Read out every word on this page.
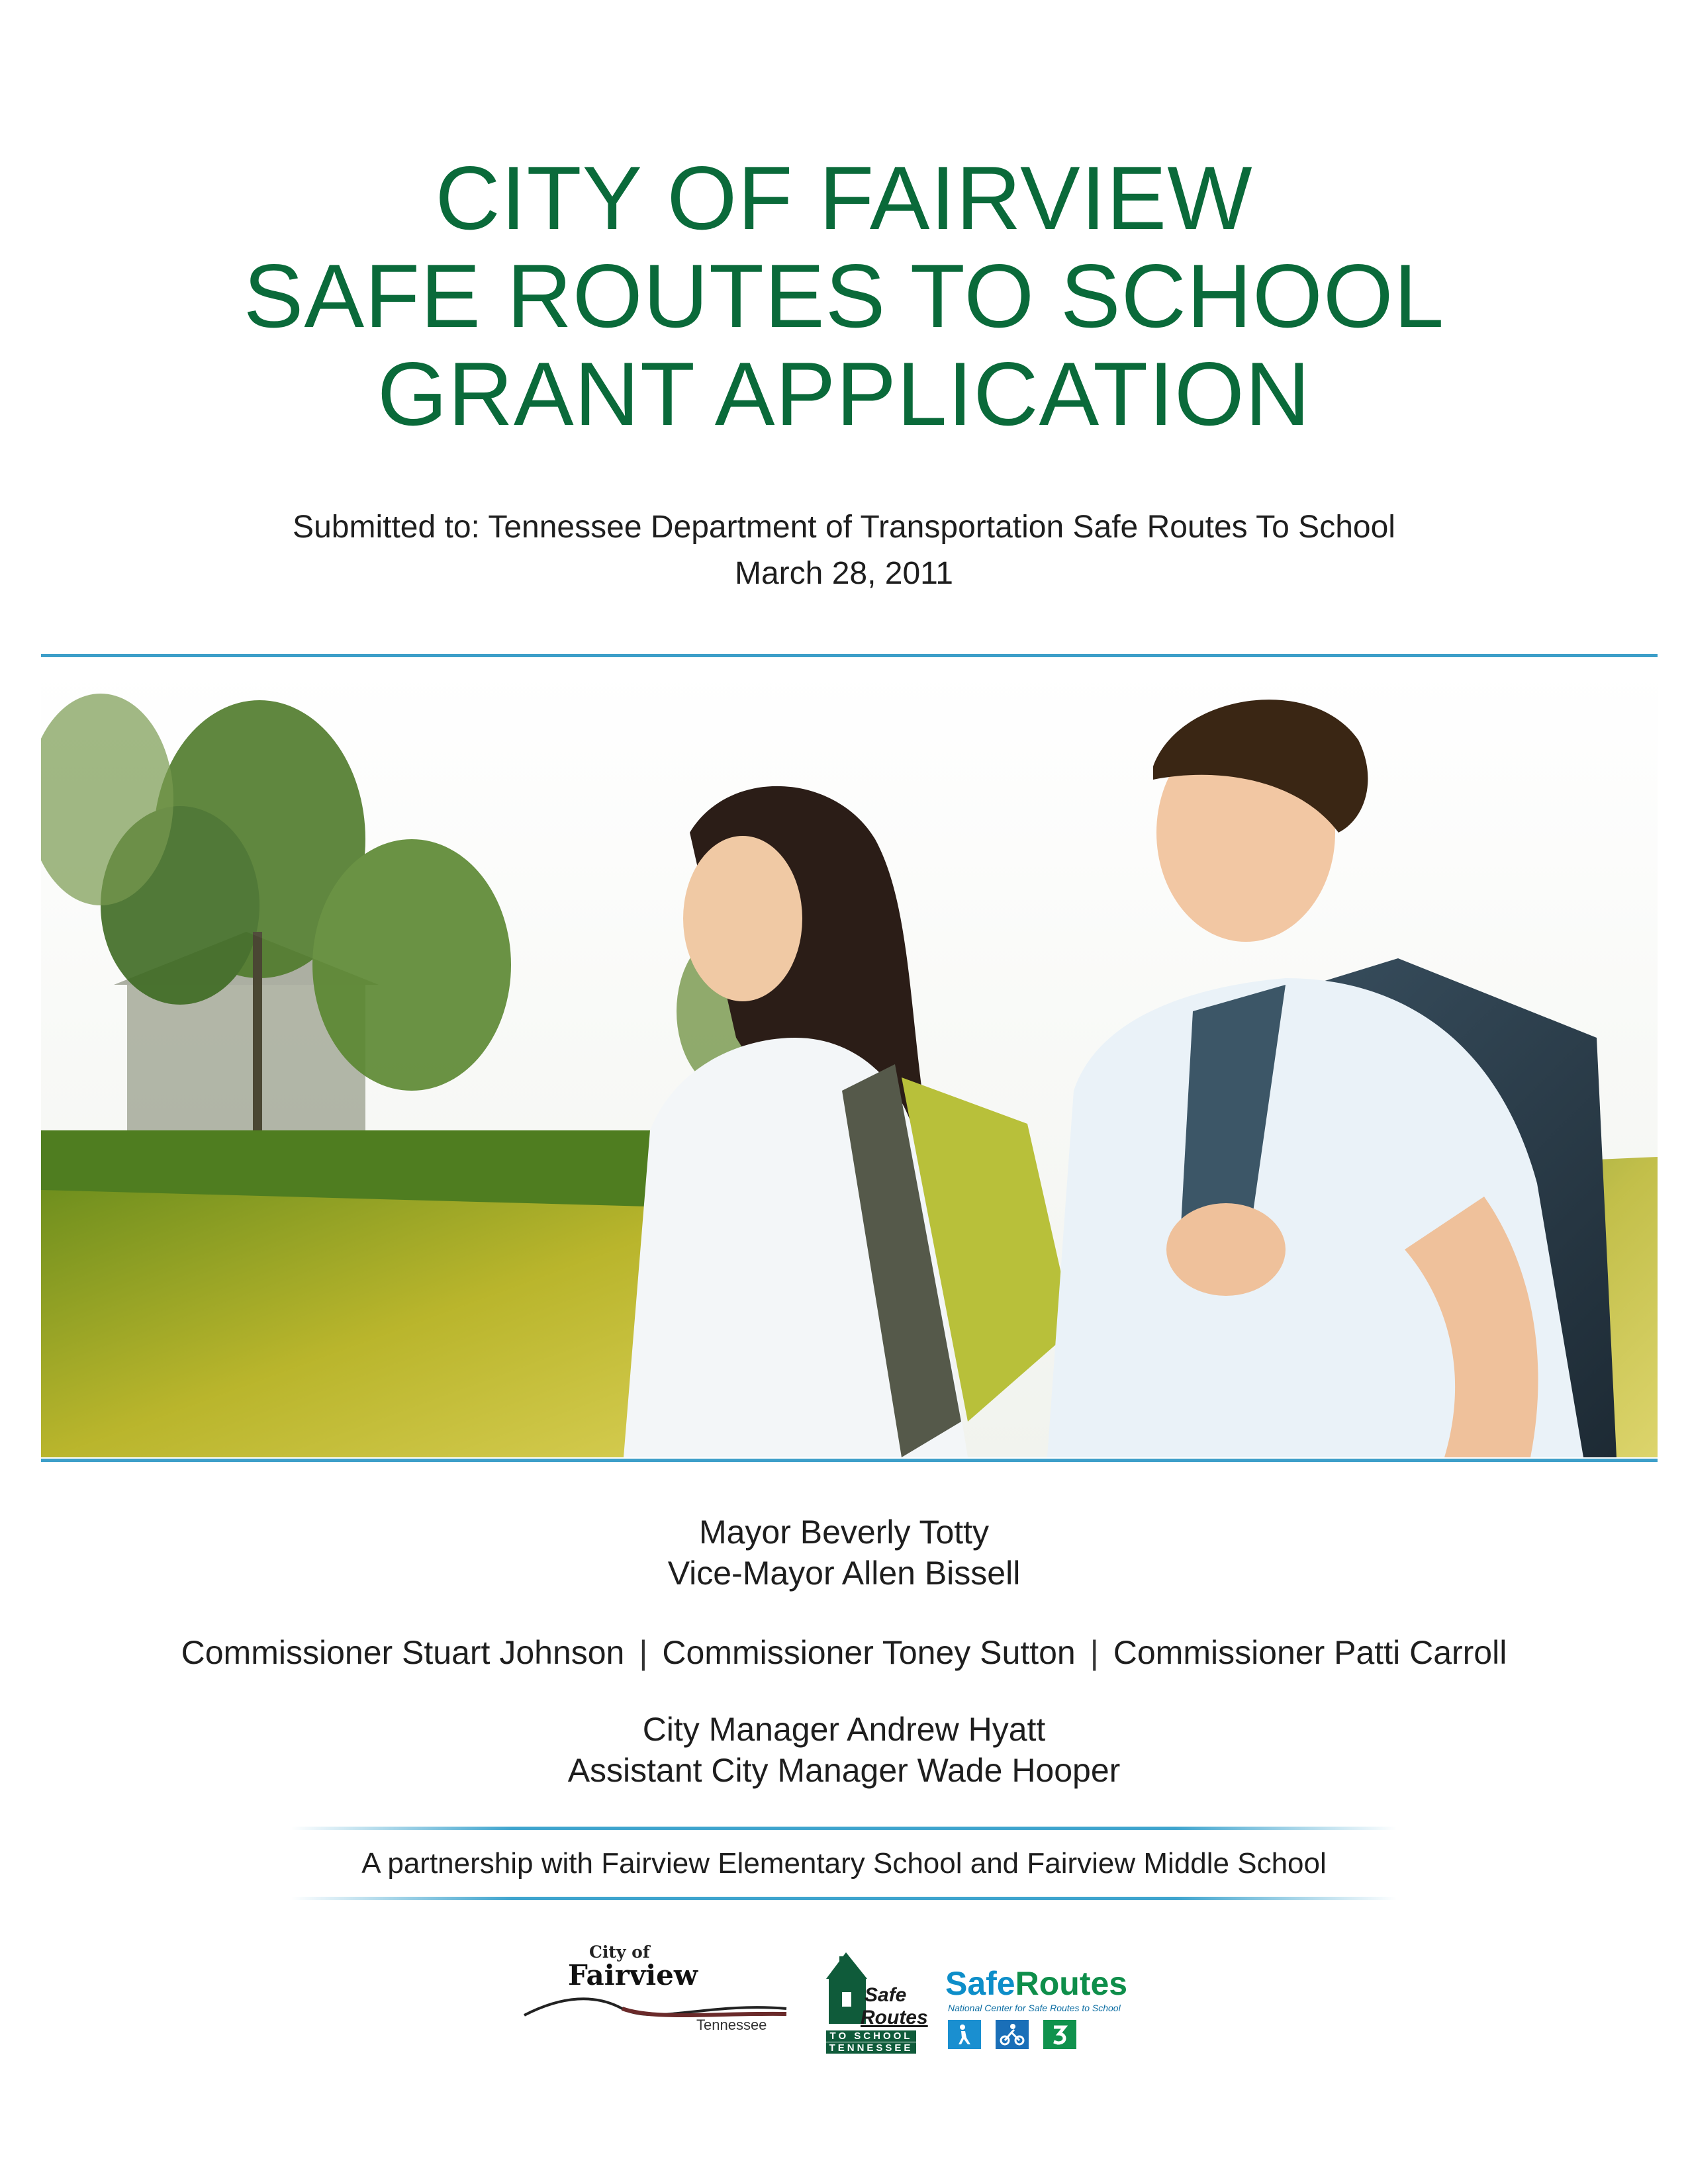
CITY OF FAIRVIEW
SAFE ROUTES TO SCHOOL
GRANT APPLICATION
Submitted to: Tennessee Department of Transportation Safe Routes To School
March 28, 2011
Mayor Beverly Totty
Vice-Mayor Allen Bissell
Commissioner Stuart Johnson | Commissioner Toney Sutton | Commissioner Patti Carroll
City Manager Andrew Hyatt
Assistant City Manager Wade Hooper
A partnership with Fairview Elementary School and Fairview Middle School
City of
Fairview
Tennessee
Safe
Routes
TO SCHOOL
TENNESSEE
SafeRoutes
National Center for Safe Routes to School
